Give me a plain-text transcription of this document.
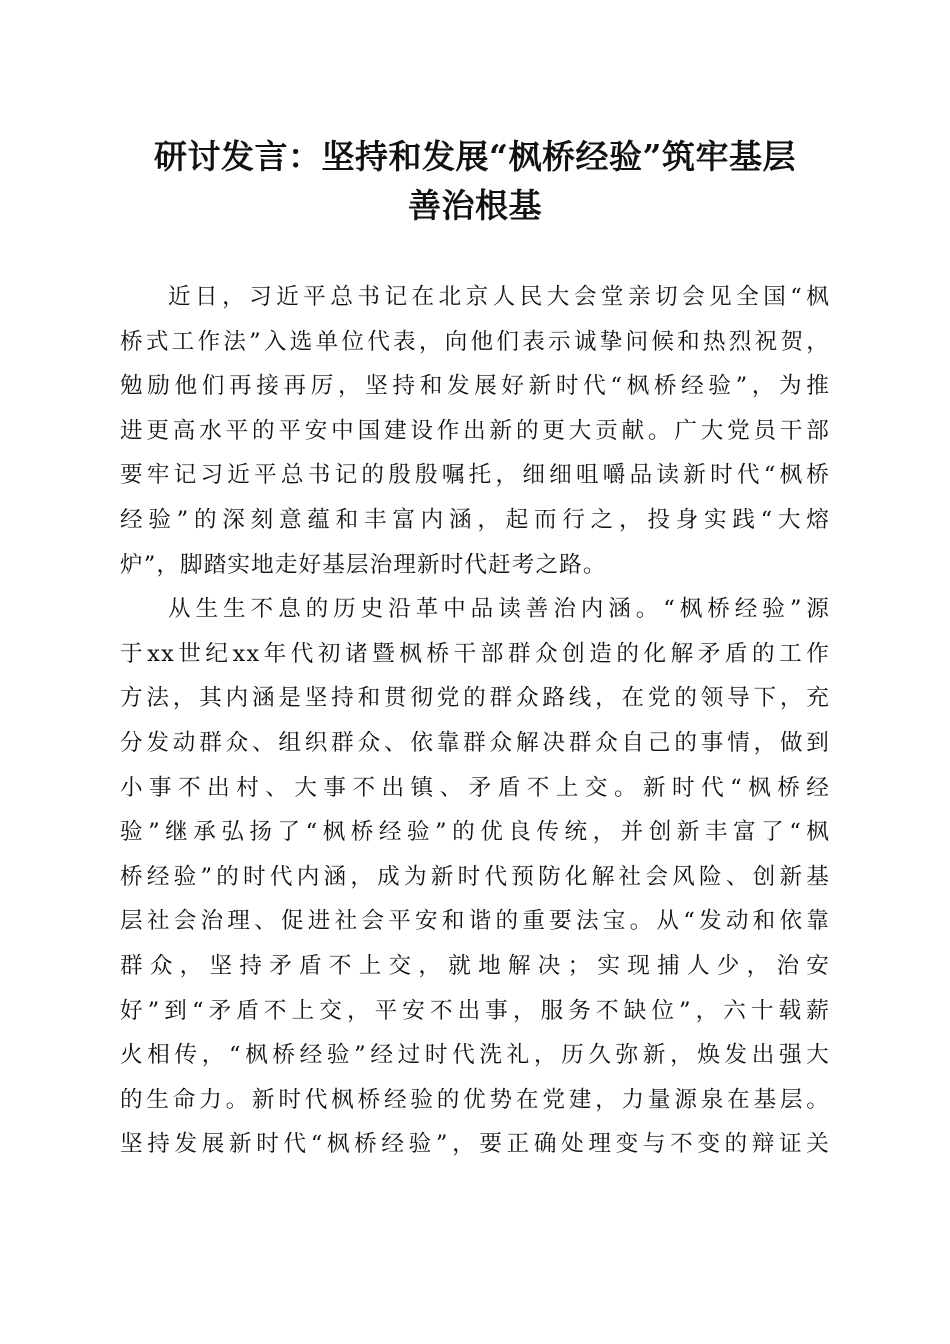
研讨发言：坚持和发展“枫桥经验”筑牢基层
善治根基
近日，习近平总书记在北京人民大会堂亲切会见全国“枫
桥式工作法”入选单位代表，向他们表示诚挚问候和热烈祝贺，
勉励他们再接再厉，坚持和发展好新时代“枫桥经验”，为推
进更高水平的平安中国建设作出新的更大贡献。广大党员干部
要牢记习近平总书记的殷殷嘱托，细细咀嚼品读新时代“枫桥
经验”的深刻意蕴和丰富内涵，起而行之，投身实践“大熔
炉”，脚踏实地走好基层治理新时代赶考之路。
从生生不息的历史沿革中品读善治内涵。“枫桥经验”源
于xx世纪xx年代初诸暨枫桥干部群众创造的化解矛盾的工作
方法，其内涵是坚持和贯彻党的群众路线，在党的领导下，充
分发动群众、组织群众、依靠群众解决群众自己的事情，做到
小事不出村、大事不出镇、矛盾不上交。新时代“枫桥经
验”继承弘扬了“枫桥经验”的优良传统，并创新丰富了“枫
桥经验”的时代内涵，成为新时代预防化解社会风险、创新基
层社会治理、促进社会平安和谐的重要法宝。从“发动和依靠
群众，坚持矛盾不上交，就地解决；实现捕人少，治安
好”到“矛盾不上交，平安不出事，服务不缺位”，六十载薪
火相传，“枫桥经验”经过时代洗礼，历久弥新，焕发出强大
的生命力。新时代枫桥经验的优势在党建，力量源泉在基层。
坚持发展新时代“枫桥经验”，要正确处理变与不变的辩证关
